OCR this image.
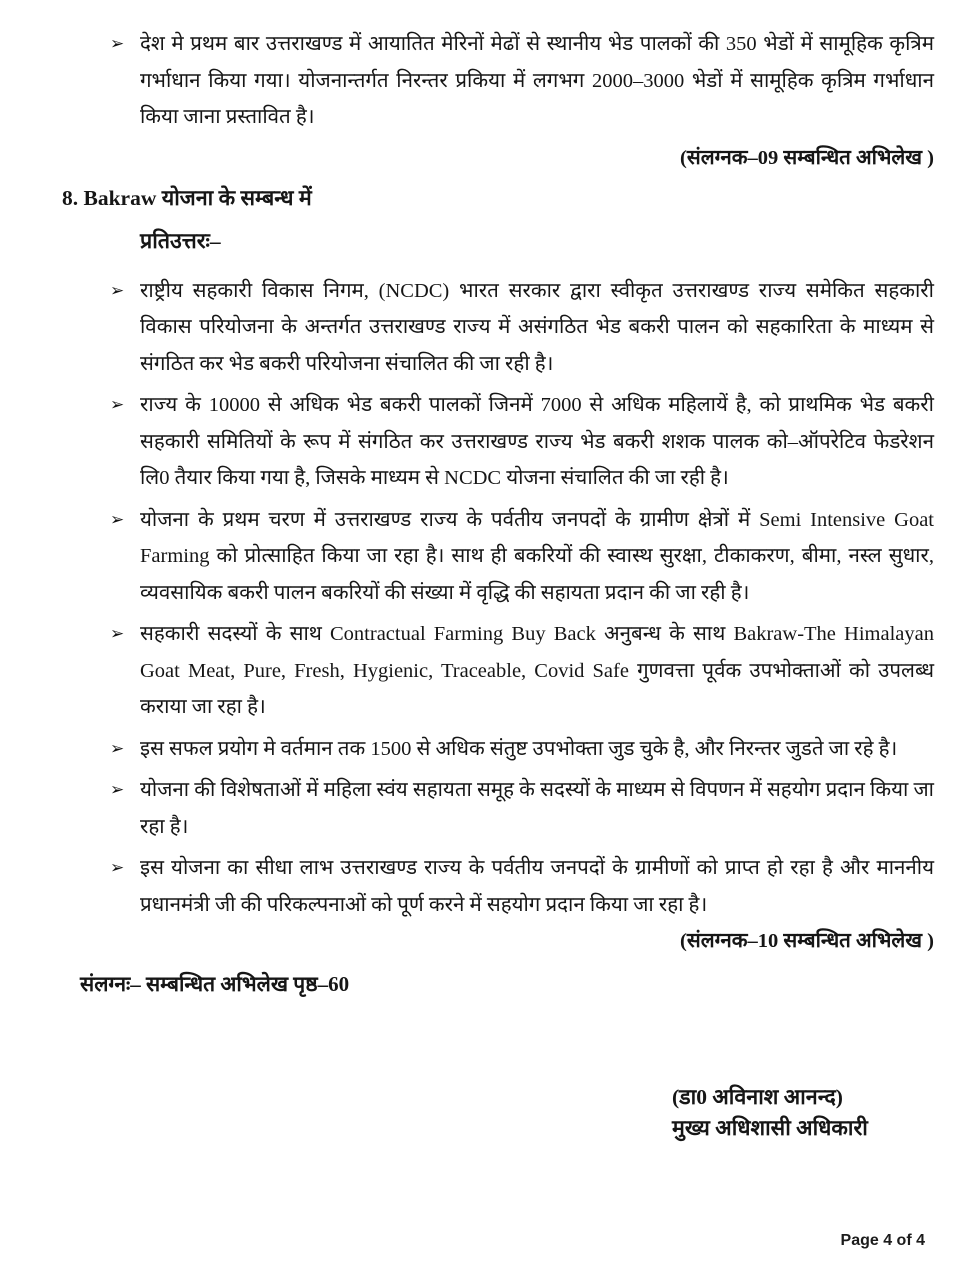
➢ देश मे प्रथम बार उत्तराखण्ड में आयातित मेरिनों मेढों से स्थानीय भेड पालकों की 350 भेडों में सामूहिक कृत्रिम गर्भाधान किया गया। योजनान्तर्गत निरन्तर प्रकिया में लगभग 2000–3000 भेडों में सामूहिक कृत्रिम गर्भाधान किया जाना प्रस्तावित है।
(संलग्नक–09 सम्बन्धित अभिलेख )
8. Bakraw योजना के सम्बन्ध में
प्रतिउत्तरः–
➢ राष्ट्रीय सहकारी विकास निगम, (NCDC) भारत सरकार द्वारा स्वीकृत उत्तराखण्ड राज्य समेकित सहकारी विकास परियोजना के अन्तर्गत उत्तराखण्ड राज्य में असंगठित भेड बकरी पालन को सहकारिता के माध्यम से संगठित कर भेड बकरी परियोजना संचालित की जा रही है।
➢ राज्य के 10000 से अधिक भेड बकरी पालकों जिनमें 7000 से अधिक महिलायें है, को प्राथमिक भेड बकरी सहकारी समितियों के रूप में संगठित कर उत्तराखण्ड राज्य भेड बकरी शशक पालक को–ऑपरेटिव फेडरेशन लि0 तैयार किया गया है, जिसके माध्यम से NCDC योजना संचालित की जा रही है।
➢ योजना के प्रथम चरण में उत्तराखण्ड राज्य के पर्वतीय जनपदों के ग्रामीण क्षेत्रों में Semi Intensive Goat Farming को प्रोत्साहित किया जा रहा है। साथ ही बकरियों की स्वास्थ सुरक्षा, टीकाकरण, बीमा, नस्ल सुधार, व्यवसायिक बकरी पालन बकरियों की संख्या में वृद्धि की सहायता प्रदान की जा रही है।
➢ सहकारी सदस्यों के साथ Contractual Farming Buy Back अनुबन्ध के साथ Bakraw-The Himalayan Goat Meat, Pure, Fresh, Hygienic, Traceable, Covid Safe गुणवत्ता पूर्वक उपभोक्ताओं को उपलब्ध कराया जा रहा है।
➢ इस सफल प्रयोग मे वर्तमान तक 1500 से अधिक संतुष्ट उपभोक्ता जुड चुके है, और निरन्तर जुडते जा रहे है।
➢ योजना की विशेषताओं में महिला स्वंय सहायता समूह के सदस्यों के माध्यम से विपणन में सहयोग प्रदान किया जा रहा है।
➢ इस योजना का सीधा लाभ उत्तराखण्ड राज्य के पर्वतीय जनपदों के ग्रामीणों को प्राप्त हो रहा है और माननीय प्रधानमंत्री जी की परिकल्पनाओं को पूर्ण करने में सहयोग प्रदान किया जा रहा है।
(संलग्नक–10 सम्बन्धित अभिलेख )
संलग्नः– सम्बन्धित अभिलेख पृष्ठ–60
(डा0 अविनाश आनन्द)
मुख्य अधिशासी अधिकारी
Page 4 of 4
